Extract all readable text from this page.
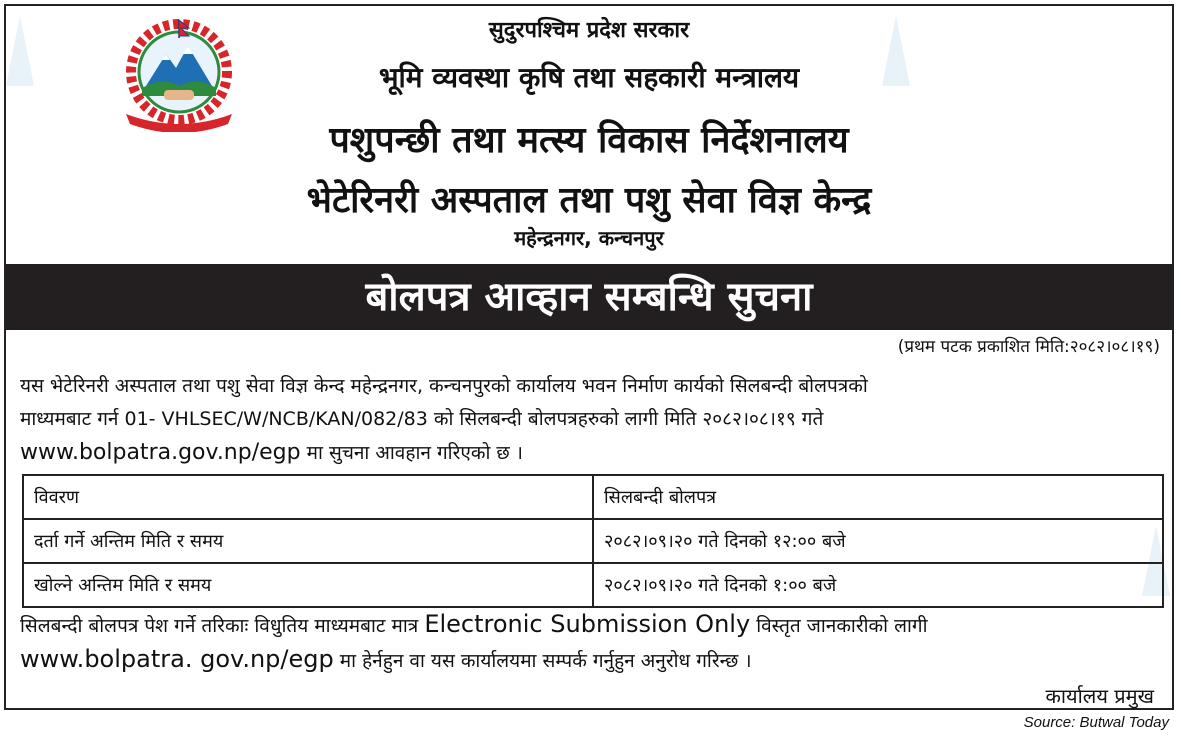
सुदुरपश्चिम प्रदेश सरकार
भूमि व्यवस्था कृषि तथा सहकारी मन्त्रालय
पशुपन्छी तथा मत्स्य विकास निर्देशनालय
भेटेरिनरी अस्पताल तथा पशु सेवा विज्ञ केन्द्र
महेन्द्रनगर, कन्चनपुर
बोलपत्र आव्हान सम्बन्धि सुचना
(प्रथम पटक प्रकाशित मिति:२०८२।०८।१९)
यस भेटेरिनरी अस्पताल तथा पशु सेवा विज्ञ केन्द महेन्द्रनगर, कन्चनपुरको कार्यालय भवन निर्माण कार्यको सिलबन्दी बोलपत्रको
माध्यमबाट गर्न 01- VHLSEC/W/NCB/KAN/082/83 को सिलबन्दी बोलपत्रहरुको लागी मिति २०८२।०८।१९ गते
www.bolpatra.gov.np/egp मा सुचना आवहान गरिएको छ ।
विवरण	सिलबन्दी बोलपत्र
दर्ता गर्ने अन्तिम मिति र समय	२०८२।०९।२० गते दिनको १२:०० बजे
खोल्ने अन्तिम मिति र समय	२०८२।०९।२० गते दिनको १:०० बजे
सिलबन्दी बोलपत्र पेश गर्ने तरिकाः विधुतिय माध्यमबाट मात्र Electronic Submission Only विस्तृत जानकारीको लागी
www.bolpatra. gov.np/egp मा हेर्नहुन वा यस कार्यालयमा सम्पर्क गर्नुहुन अनुरोध गरिन्छ ।
कार्यालय प्रमुख
Source: Butwal Today
